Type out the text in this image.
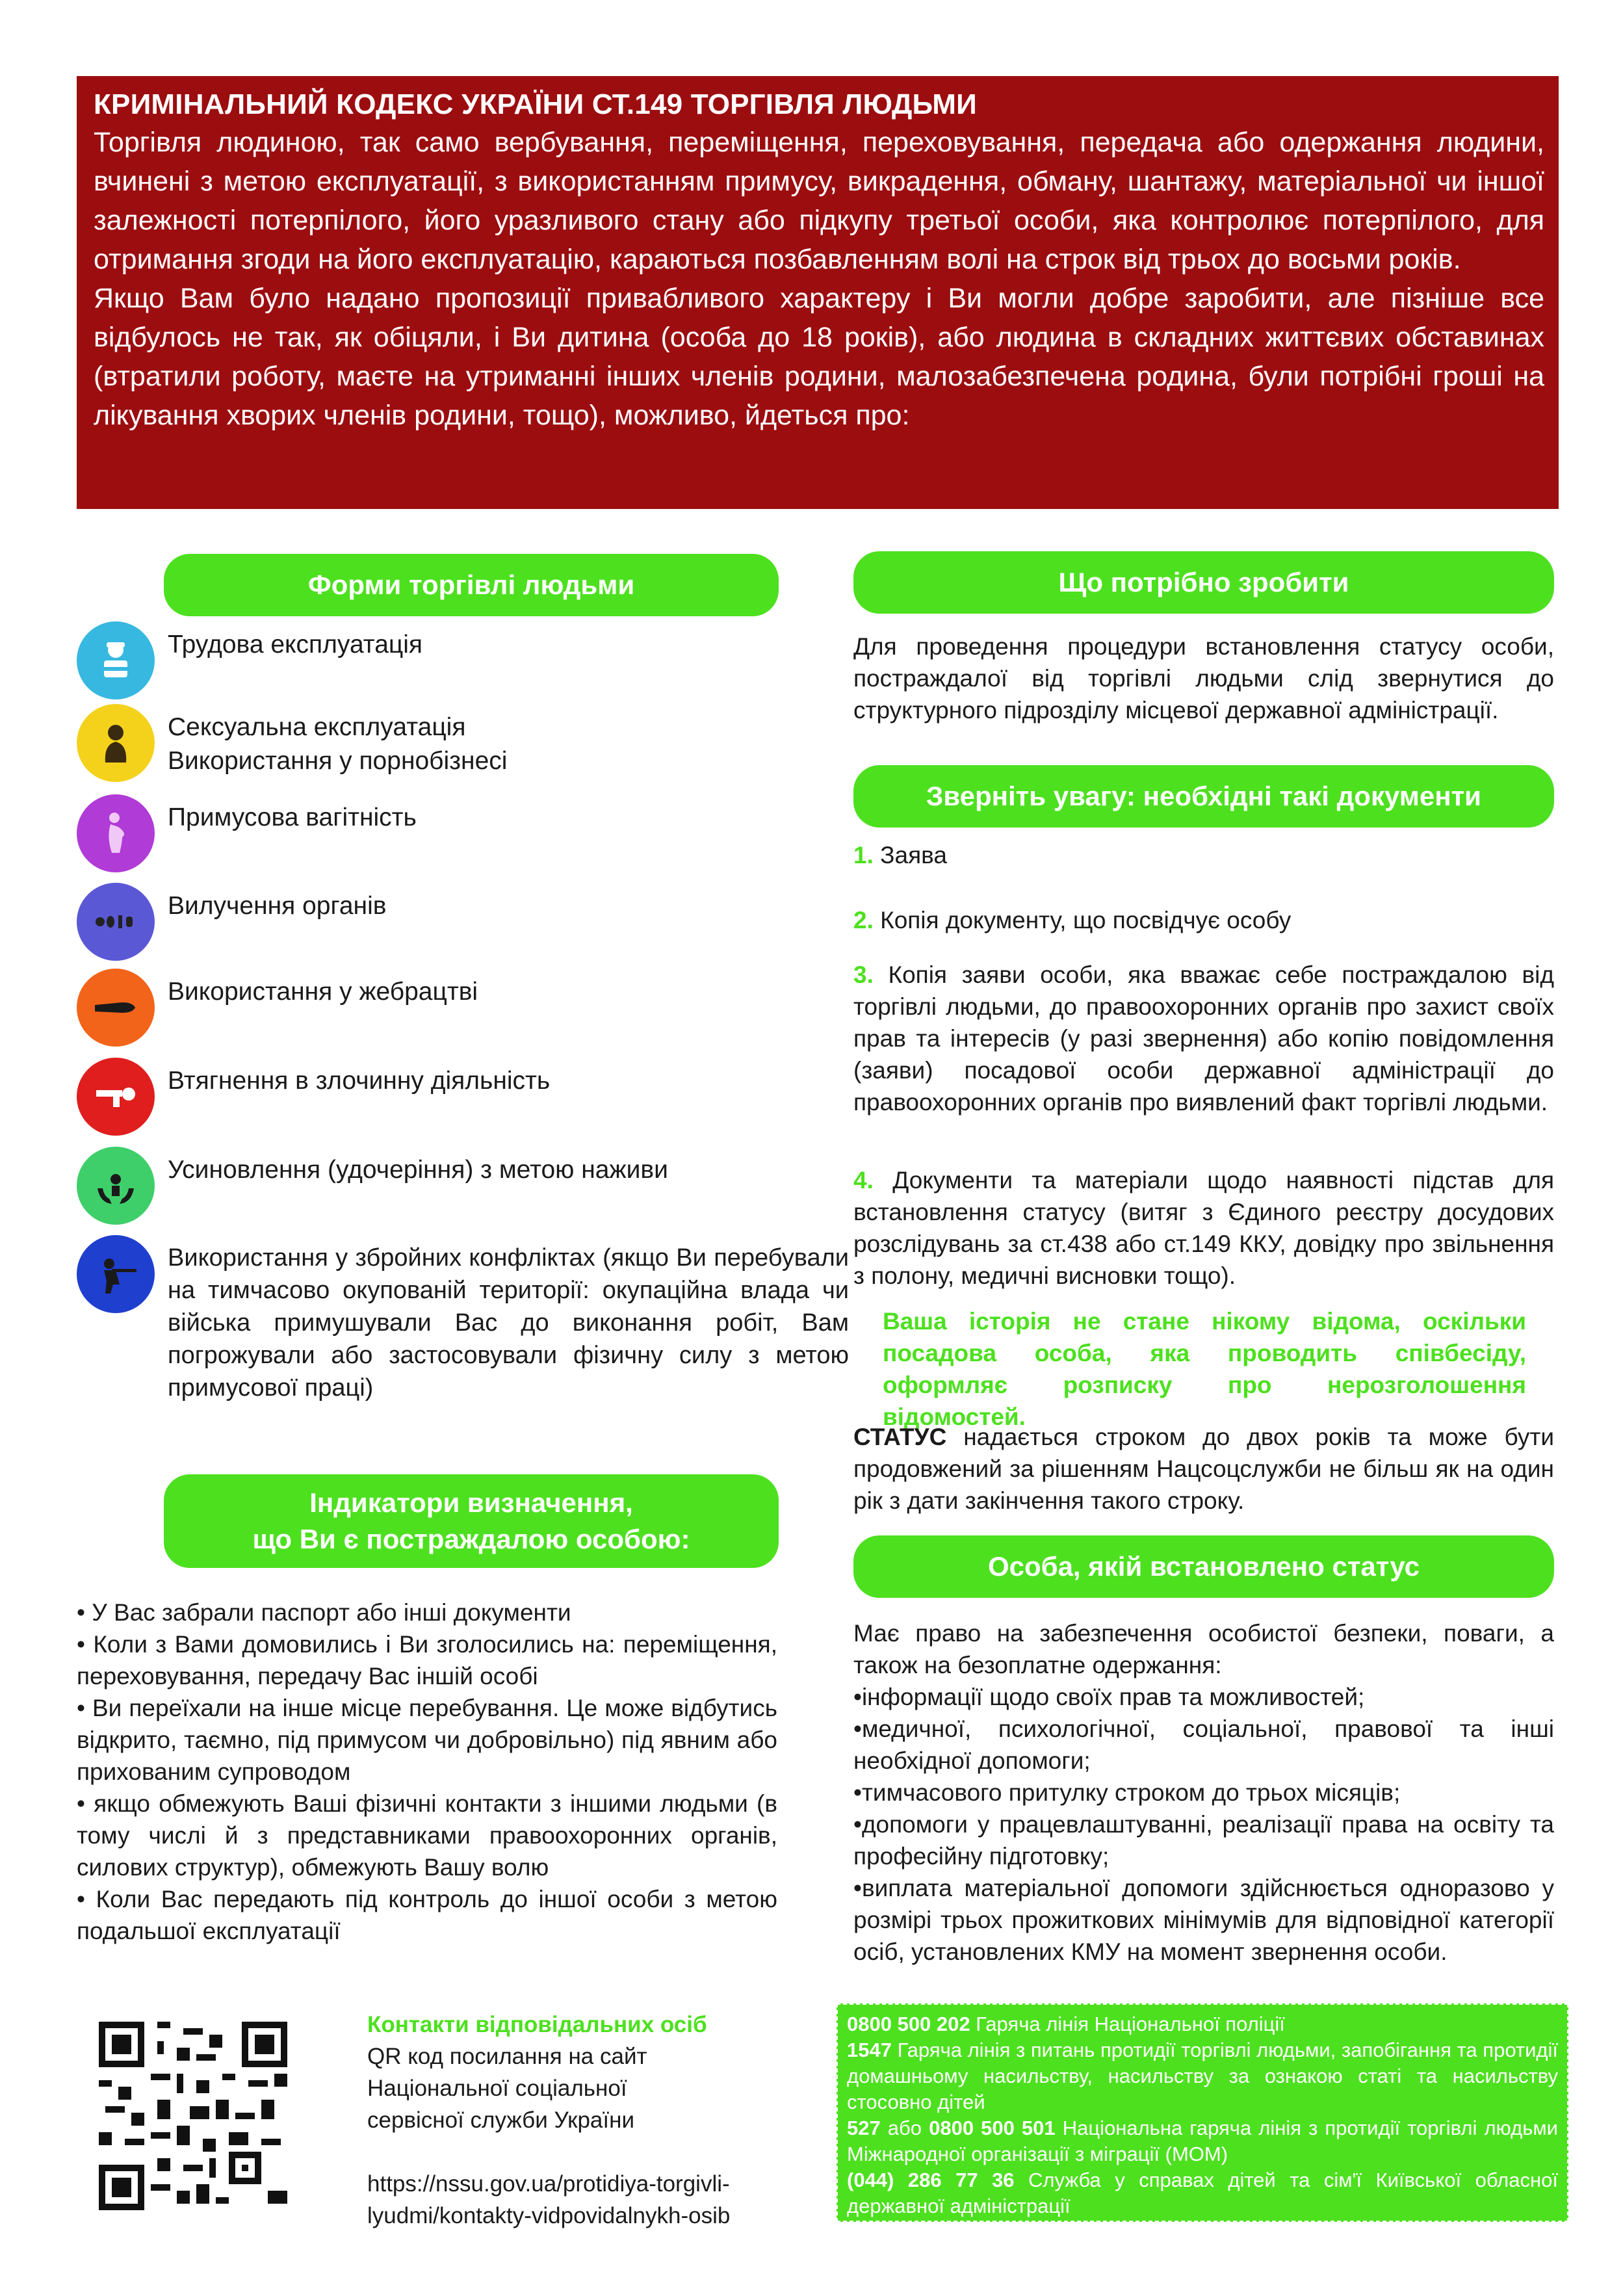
КРИМІНАЛЬНИЙ КОДЕКС УКРАЇНИ СТ.149 ТОРГІВЛЯ ЛЮДЬМИ

Торгівля людиною, так само вербування, переміщення, переховування, передача або одержання людини, вчинені з метою експлуатації, з використанням примусу, викрадення, обману, шантажу, матеріальної чи іншої залежності потерпілого, його уразливого стану або підкупу третьої особи, яка контролює потерпілого, для отримання згоди на його експлуатацію, караються позбавленням волі на строк від трьох до восьми років.

Якщо Вам було надано пропозиції привабливого характеру і Ви могли добре заробити, але пізніше все відбулось не так, як обіцяли, і Ви дитина (особа до 18 років), або людина в складних життєвих обставинах (втратили роботу, маєте на утриманні інших членів родини, малозабезпечена родина, були потрібні гроші на лікування хворих членів родини, тощо), можливо, йдеться про:

Форми торгівлі людьми
Трудова експлуатація
Сексуальна експлуатація
Використання у порнобізнесі
Примусова вагітність
Вилучення органів
Використання у жебрацтві
Втягнення в злочинну діяльність
Усиновлення (удочеріння) з метою наживи
Використання у збройних конфліктах (якщо Ви перебували на тимчасово окупованій території: окупаційна влада чи війська примушували Вас до виконання робіт, Вам погрожували або застосовували фізичну силу з метою примусової праці)
Індикатори визначення,
що Ви є постраждалою особою:
• У Вас забрали паспорт або інші документи
• Коли з Вами домовились і Ви зголосились на: переміщення, переховування, передачу Вас іншій особі
• Ви переїхали на інше місце перебування. Це може відбутись відкрито, таємно, під примусом чи добровільно) під явним або прихованим супроводом
• якщо обмежують Ваші фізичні контакти з іншими людьми (в тому числі й з представниками правоохоронних органів, силових структур), обмежують Вашу волю
• Коли Вас передають під контроль до іншої особи з метою подальшої експлуатації
Що потрібно зробити
Для проведення процедури встановлення статусу особи, постраждалої від торгівлі людьми слід звернутися до структурного підрозділу місцевої державної адміністрації.
Зверніть увагу: необхідні такі документи
1. Заява
2. Копія документу, що посвідчує особу
3. Копія заяви особи, яка вважає себе постраждалою від торгівлі людьми, до правоохоронних органів про захист своїх прав та інтересів (у разі звернення) або копію повідомлення (заяви) посадової особи державної адміністрації до правоохоронних органів про виявлений факт торгівлі людьми.
4. Документи та матеріали щодо наявності підстав для встановлення статусу (витяг з Єдиного реєстру досудових розслідувань за ст.438 або ст.149 ККУ, довідку про звільнення з полону, медичні висновки тощо).
Ваша історія не стане нікому відома, оскільки посадова особа, яка проводить співбесіду, оформляє розписку про нерозголошення відомостей.
СТАТУС надається строком до двох років та може бути продовжений за рішенням Нацсоцслужби не більш як на один рік з дати закінчення такого строку.
Особа, якій встановлено статус
Має право на забезпечення особистої безпеки, поваги, а також на безоплатне одержання:
•інформації щодо своїх прав та можливостей;
•медичної, психологічної, соціальної, правової та інші необхідної допомоги;
•тимчасового притулку строком до трьох місяців;
•допомоги у працевлаштуванні, реалізації права на освіту та професійну підготовку;
•виплата матеріальної допомоги здійснюється одноразово у розмірі трьох прожиткових мінімумів для відповідної категорії осіб, установлених КМУ на момент звернення особи.
Контакти відповідальних осіб
QR код посилання на сайт
Національної соціальної
сервісної служби України
https://nssu.gov.ua/protidiya-torgivli-
lyudmi/kontakty-vidpovidalnykh-osib
0800 500 202 Гаряча лінія Національної поліції
1547 Гаряча лінія з питань протидії торгівлі людьми, запобігання та протидії домашньому насильству, насильству за ознакою статі та насильству стосовно дітей
527 або 0800 500 501 Національна гаряча лінія з протидії торгівлі людьми Міжнародної організації з міграції (МОМ)
(044) 286 77 36 Служба у справах дітей та сім'ї Київської обласної державної адміністрації
